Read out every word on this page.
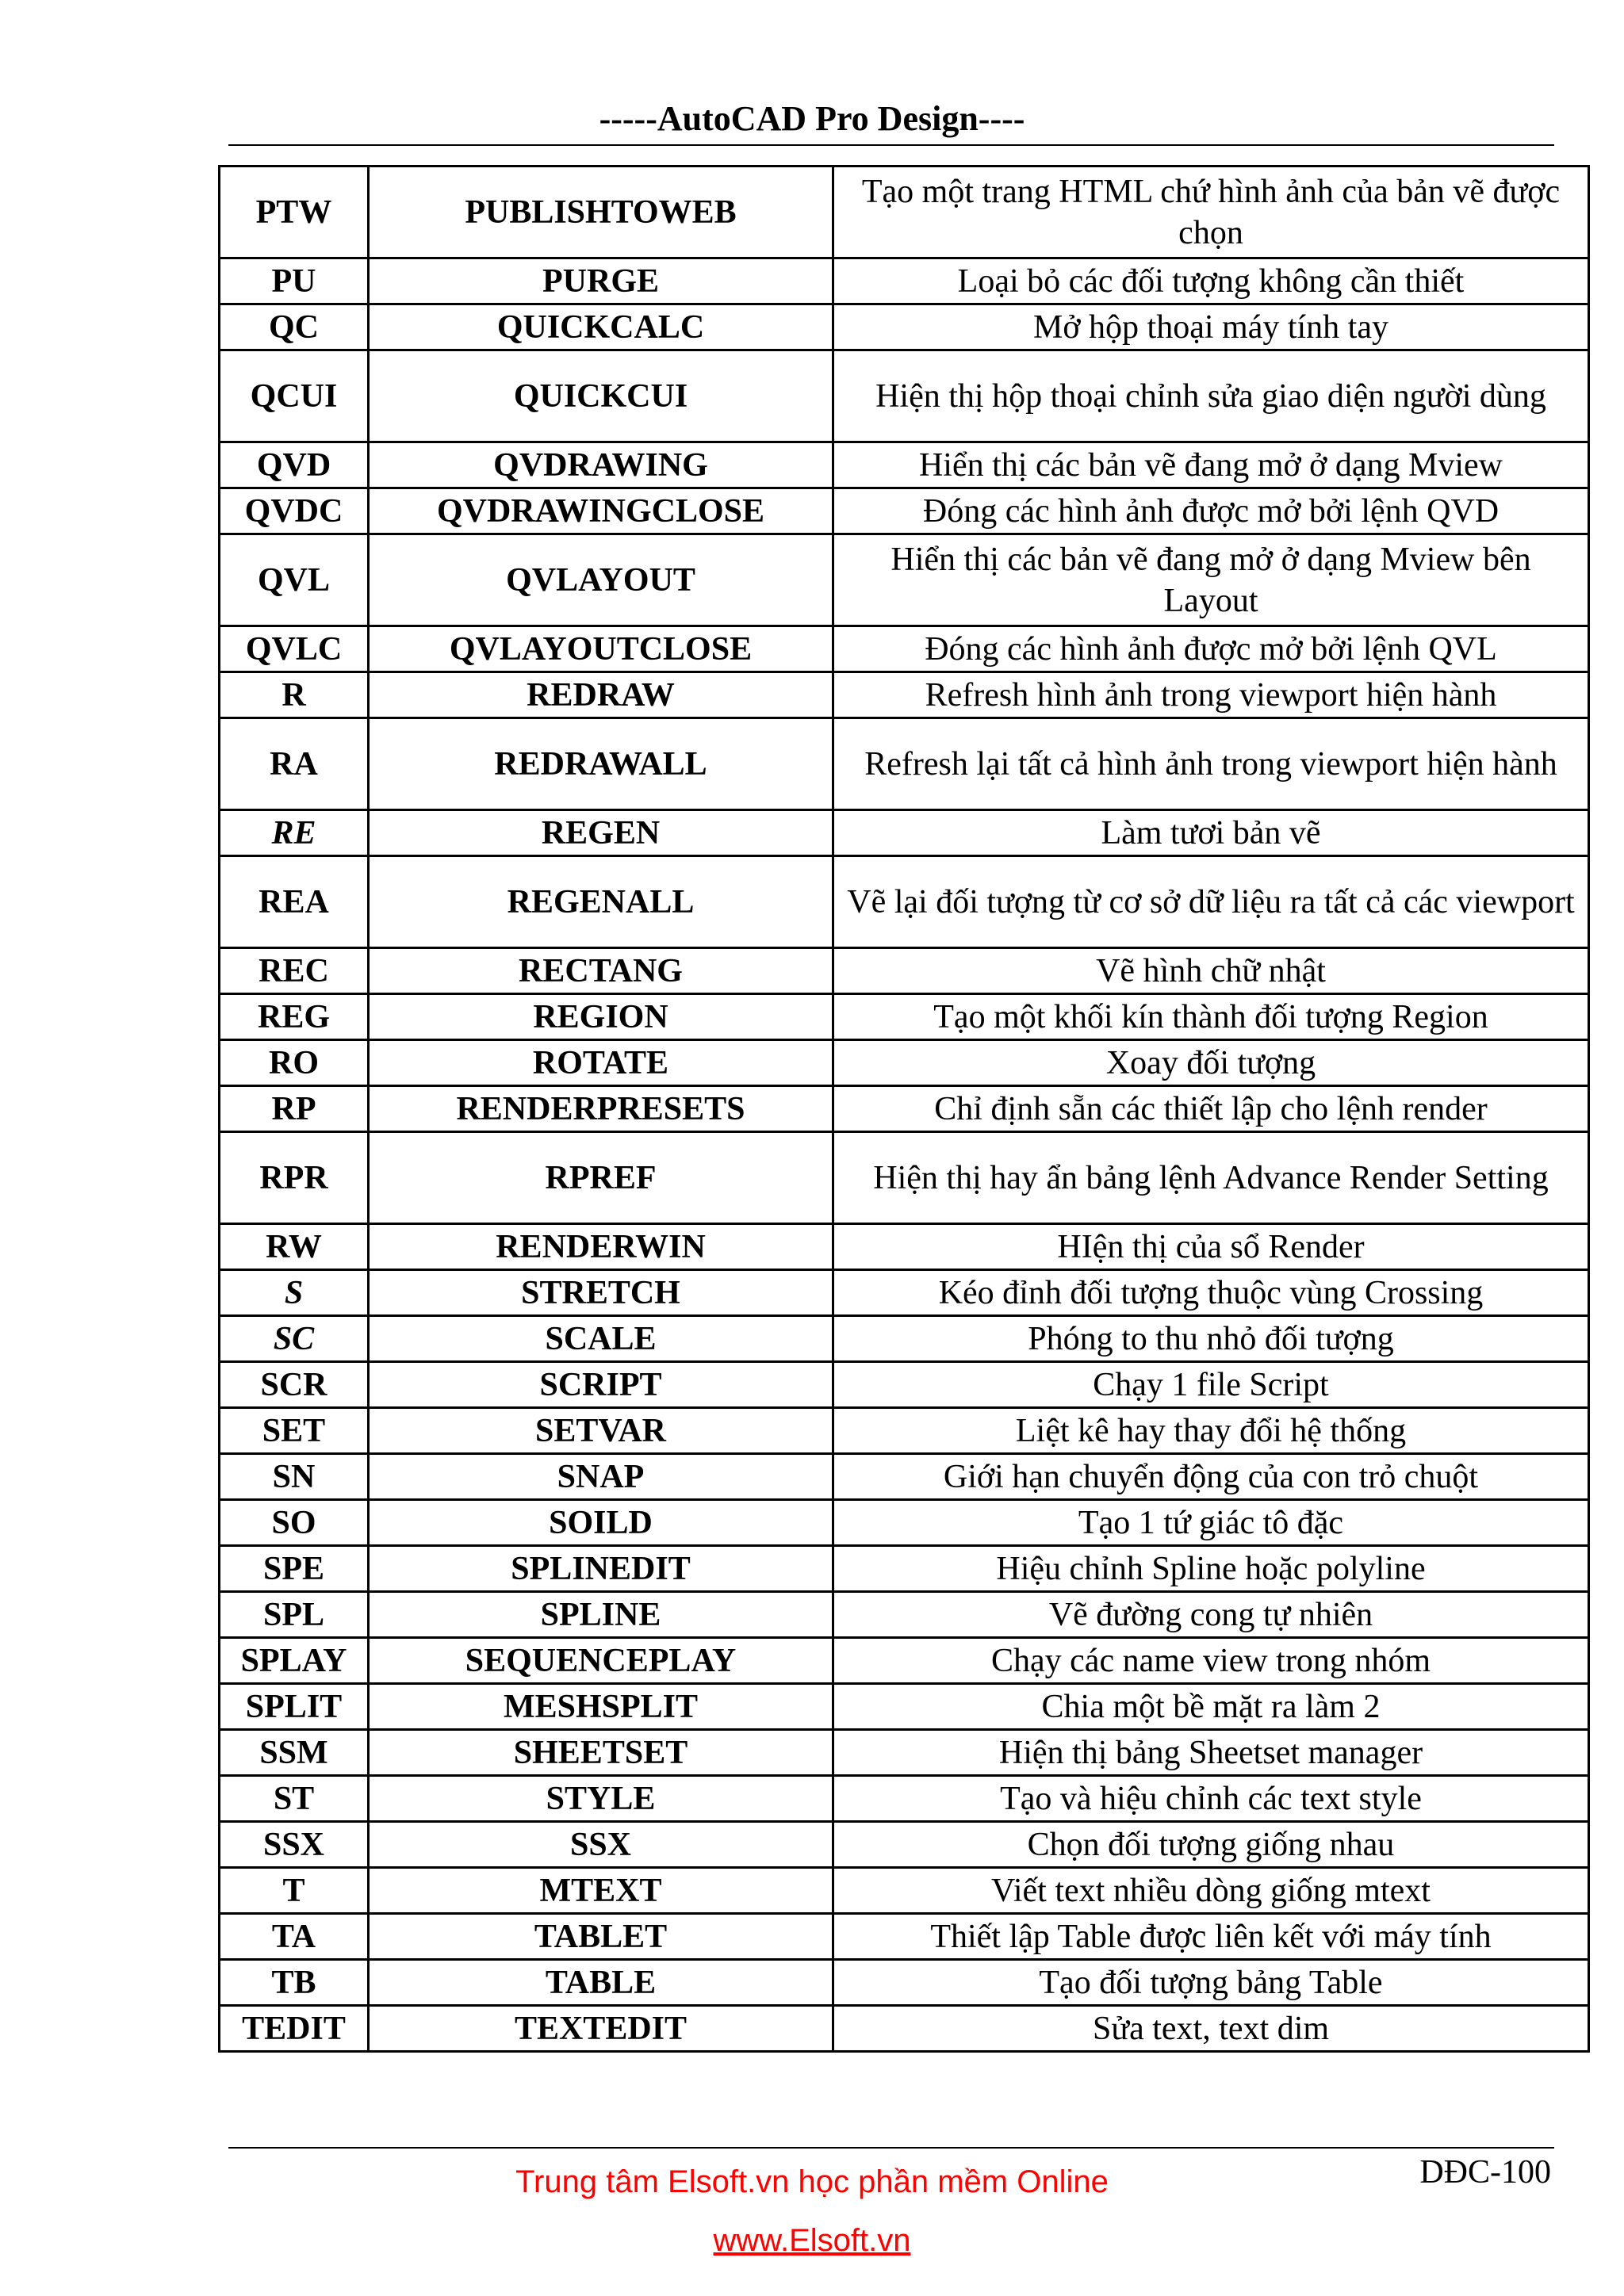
-----AutoCAD Pro Design----
PTW	PUBLISHTOWEB	Tạo một trang HTML chứ hình ảnh của bản vẽ được chọn
PU	PURGE	Loại bỏ các đối tượng không cần thiết
QC	QUICKCALC	Mở hộp thoại máy tính tay
QCUI	QUICKCUI	Hiện thị hộp thoại chỉnh sửa giao diện người dùng
QVD	QVDRAWING	Hiển thị các bản vẽ đang mở ở dạng Mview
QVDC	QVDRAWINGCLOSE	Đóng các hình ảnh được mở bởi lệnh QVD
QVL	QVLAYOUT	Hiển thị các bản vẽ đang mở ở dạng Mview bên Layout
QVLC	QVLAYOUTCLOSE	Đóng các hình ảnh được mở bởi lệnh QVL
R	REDRAW	Refresh hình ảnh trong viewport hiện hành
RA	REDRAWALL	Refresh lại tất cả hình ảnh trong viewport hiện hành
RE	REGEN	Làm tươi bản vẽ
REA	REGENALL	Vẽ lại đối tượng từ cơ sở dữ liệu ra tất cả các viewport
REC	RECTANG	Vẽ hình chữ nhật
REG	REGION	Tạo một khối kín thành đối tượng Region
RO	ROTATE	Xoay đối tượng
RP	RENDERPRESETS	Chỉ định sẵn các thiết lập cho lệnh render
RPR	RPREF	Hiện thị hay ẩn bảng lệnh Advance Render Setting
RW	RENDERWIN	HIện thị của sổ Render
S	STRETCH	Kéo đỉnh đối tượng thuộc vùng Crossing
SC	SCALE	Phóng to thu nhỏ đối tượng
SCR	SCRIPT	Chạy 1 file Script
SET	SETVAR	Liệt kê hay thay đổi hệ thống
SN	SNAP	Giới hạn chuyển động của con trỏ chuột
SO	SOILD	Tạo 1 tứ giác tô đặc
SPE	SPLINEDIT	Hiệu chỉnh Spline hoặc polyline
SPL	SPLINE	Vẽ đường cong tự nhiên
SPLAY	SEQUENCEPLAY	Chạy các name view trong nhóm
SPLIT	MESHSPLIT	Chia một bề mặt ra làm 2
SSM	SHEETSET	Hiện thị bảng Sheetset manager
ST	STYLE	Tạo và hiệu chỉnh các text style
SSX	SSX	Chọn đối tượng giống nhau
T	MTEXT	Viết text nhiều dòng giống mtext
TA	TABLET	Thiết lập Table được liên kết với máy tính
TB	TABLE	Tạo đối tượng bảng Table
TEDIT	TEXTEDIT	Sửa text, text dim
Trung tâm Elsoft.vn học phần mềm Online
www.Elsoft.vn
DĐC-100
